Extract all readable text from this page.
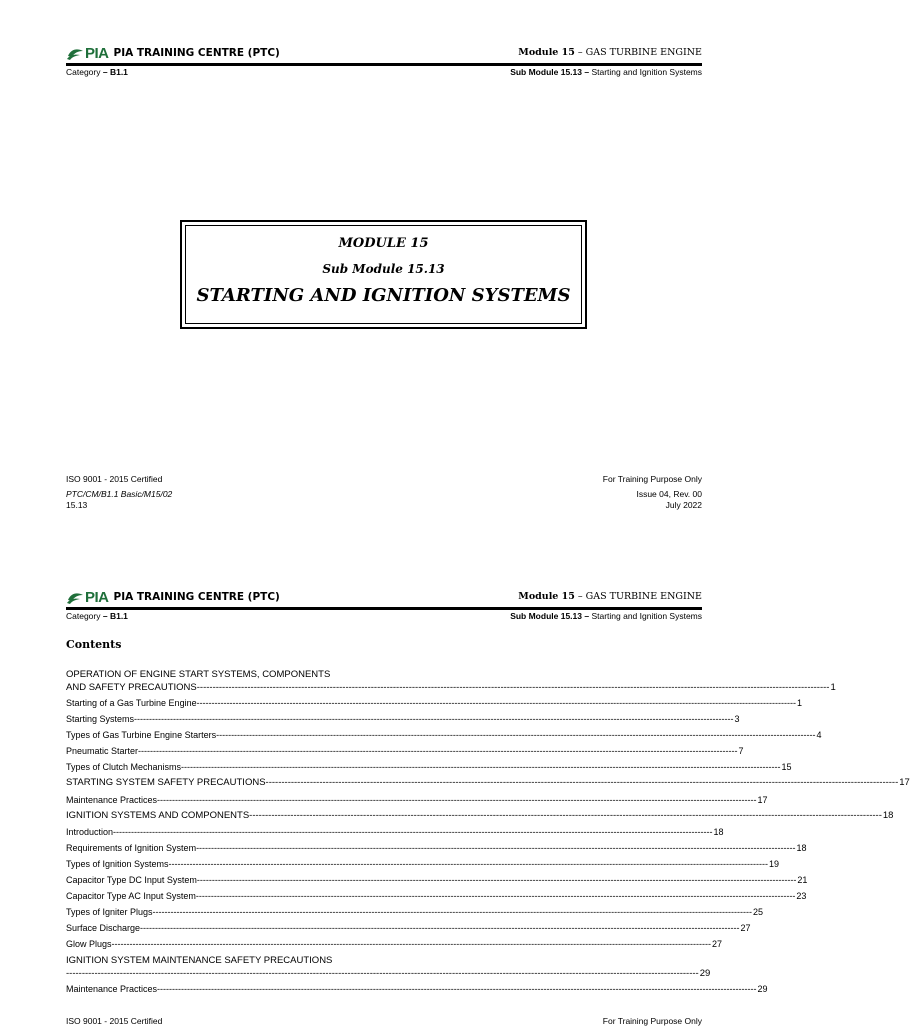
PIA PIA TRAINING CENTRE (PTC)	Module 15 – GAS TURBINE ENGINE
Category – B1.1	Sub Module 15.13 – Starting and Ignition Systems
MODULE 15
Sub Module 15.13
STARTING AND IGNITION SYSTEMS
ISO 9001 - 2015 Certified	For Training Purpose Only
PTC/CM/B1.1 Basic/M15/02	Issue 04, Rev. 00
15.13	July 2022
PIA PIA TRAINING CENTRE (PTC)	Module 15 – GAS TURBINE ENGINE
Category – B1.1	Sub Module 15.13 – Starting and Ignition Systems
Contents
OPERATION OF ENGINE START SYSTEMS, COMPONENTS
AND SAFETY PRECAUTIONS -------------------------------------------------------------------------------------------------------------------------------------------------------------------------------------------------------- 1
Starting of a Gas Turbine Engine -------------------------------------------------------------------------------------------------------------------------------------------------------------------------------------------------------- 1
Starting Systems -------------------------------------------------------------------------------------------------------------------------------------------------------------------------------------------------------- 3
Types of Gas Turbine Engine Starters -------------------------------------------------------------------------------------------------------------------------------------------------------------------------------------------------------- 4
Pneumatic Starter -------------------------------------------------------------------------------------------------------------------------------------------------------------------------------------------------------- 7
Types of Clutch Mechanisms -------------------------------------------------------------------------------------------------------------------------------------------------------------------------------------------------------- 15
STARTING SYSTEM SAFETY PRECAUTIONS -------------------------------------------------------------------------------------------------------------------------------------------------------------------------------------------------------- 17
Maintenance Practices -------------------------------------------------------------------------------------------------------------------------------------------------------------------------------------------------------- 17
IGNITION SYSTEMS AND COMPONENTS -------------------------------------------------------------------------------------------------------------------------------------------------------------------------------------------------------- 18
Introduction -------------------------------------------------------------------------------------------------------------------------------------------------------------------------------------------------------- 18
Requirements of Ignition System -------------------------------------------------------------------------------------------------------------------------------------------------------------------------------------------------------- 18
Types of Ignition Systems -------------------------------------------------------------------------------------------------------------------------------------------------------------------------------------------------------- 19
Capacitor Type DC Input System -------------------------------------------------------------------------------------------------------------------------------------------------------------------------------------------------------- 21
Capacitor Type AC Input System -------------------------------------------------------------------------------------------------------------------------------------------------------------------------------------------------------- 23
Types of Igniter Plugs -------------------------------------------------------------------------------------------------------------------------------------------------------------------------------------------------------- 25
Surface Discharge -------------------------------------------------------------------------------------------------------------------------------------------------------------------------------------------------------- 27
Glow Plugs -------------------------------------------------------------------------------------------------------------------------------------------------------------------------------------------------------- 27
IGNITION SYSTEM MAINTENANCE SAFETY PRECAUTIONS
-------------------------------------------------------------------------------------------------------------------------------------------------------------------------------------------------------- 29
Maintenance Practices -------------------------------------------------------------------------------------------------------------------------------------------------------------------------------------------------------- 29
ISO 9001 - 2015 Certified	For Training Purpose Only
